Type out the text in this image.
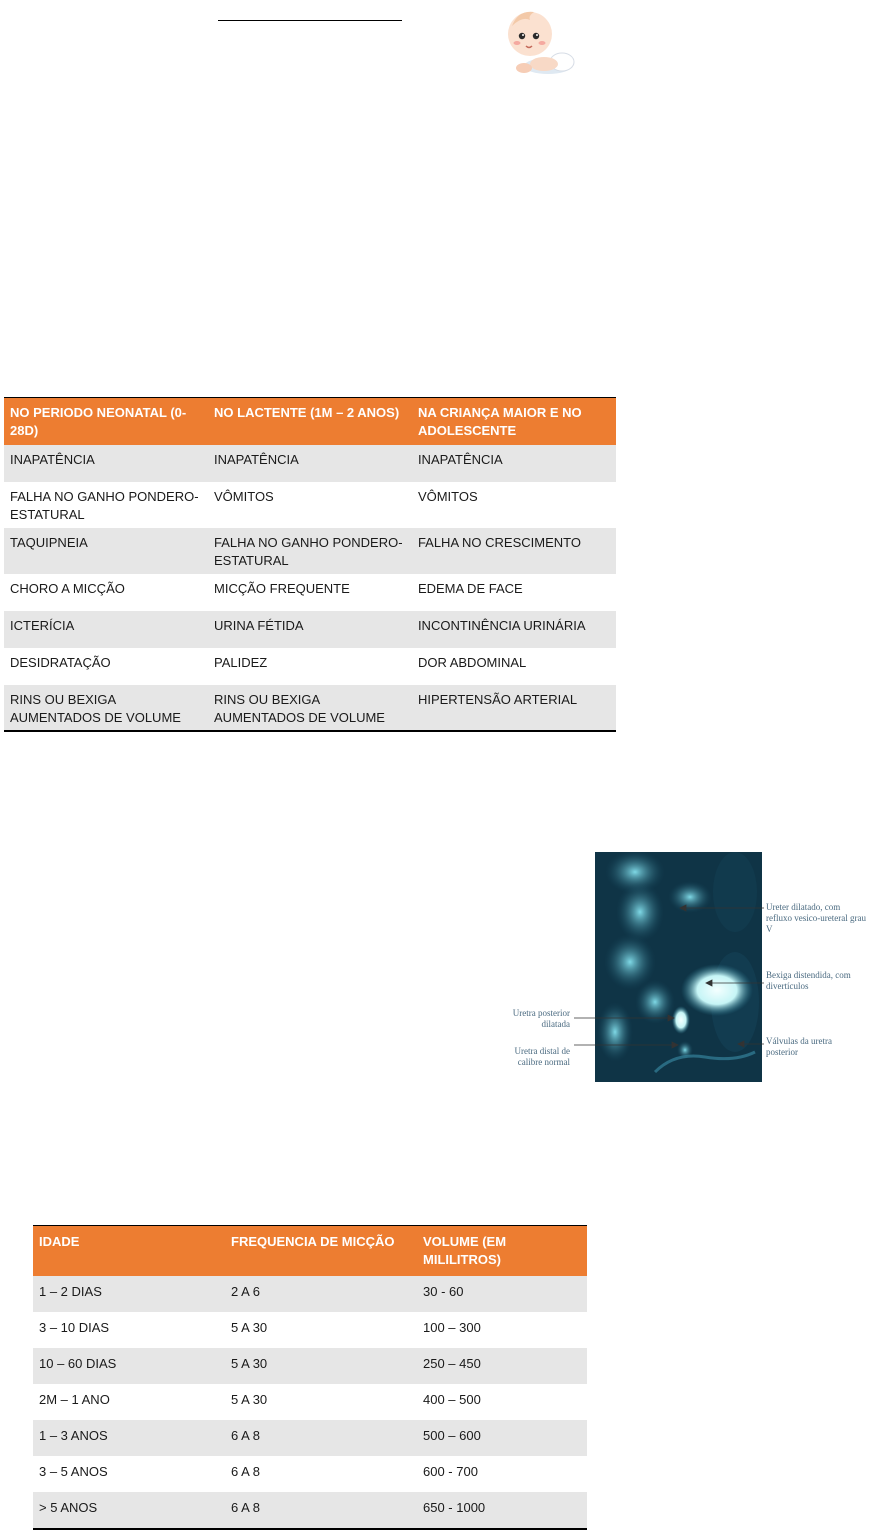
NO PERIODO NEONATAL (0-28D)	NO LACTENTE (1M – 2 ANOS)	NA CRIANÇA MAIOR E NO ADOLESCENTE
INAPATÊNCIA	INAPATÊNCIA	INAPATÊNCIA
FALHA NO GANHO PONDERO-ESTATURAL	VÔMITOS	VÔMITOS
TAQUIPNEIA	FALHA NO GANHO PONDERO-ESTATURAL	FALHA NO CRESCIMENTO
CHORO A MICÇÃO	MICÇÃO FREQUENTE	EDEMA DE FACE
ICTERÍCIA	URINA FÉTIDA	INCONTINÊNCIA URINÁRIA
DESIDRATAÇÃO	PALIDEZ	DOR ABDOMINAL
RINS OU BEXIGA AUMENTADOS DE VOLUME	RINS OU BEXIGA AUMENTADOS DE VOLUME	HIPERTENSÃO ARTERIAL
Ureter dilatado, com refluxo vesico-ureteral grau V
Bexiga distendida, com divertículos
Válvulas da uretra posterior
Uretra posterior dilatada
Uretra distal de calibre normal
IDADE	FREQUENCIA DE MICÇÃO	VOLUME (EM MILILITROS)
1 – 2 DIAS	2 A 6	30 - 60
3 – 10 DIAS	5 A 30	100 – 300
10 – 60 DIAS	5 A 30	250 – 450
2M – 1 ANO	5 A 30	400 – 500
1 – 3 ANOS	6 A 8	500 – 600
3 – 5 ANOS	6 A 8	600 - 700
> 5 ANOS	6 A 8	650 - 1000
